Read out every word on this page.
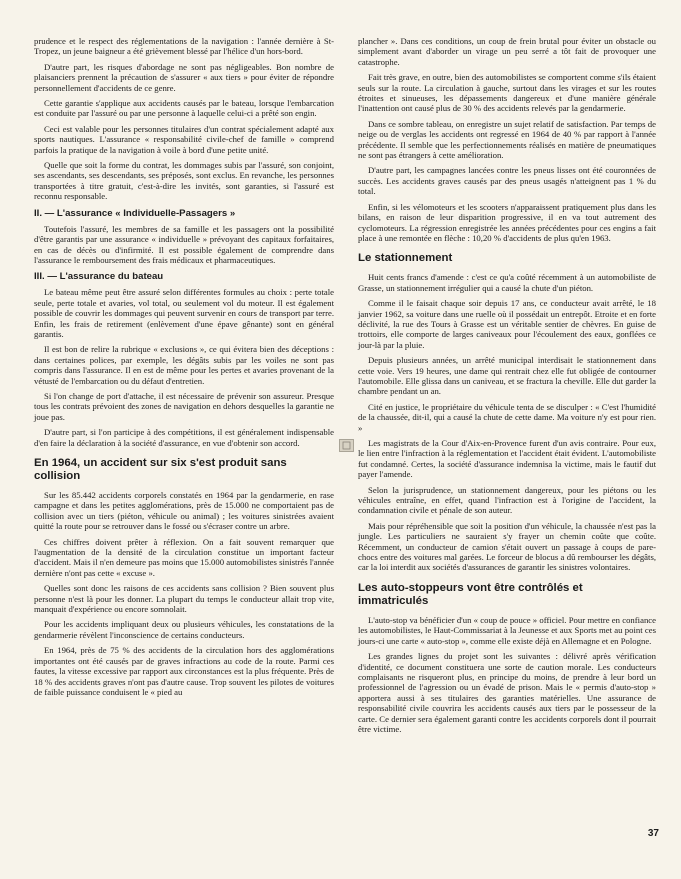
prudence et le respect des réglementations de la navigation : l'année dernière à St-Tropez, un jeune baigneur a été grièvement blessé par l'hélice d'un hors-bord.

D'autre part, les risques d'abordage ne sont pas négligeables. Bon nombre de plaisanciers prennent la précaution de s'assurer « aux tiers » pour éviter de répondre personnellement d'accidents de ce genre.

Cette garantie s'applique aux accidents causés par le bateau, lorsque l'embarcation est conduite par l'assuré ou par une personne à laquelle celui-ci a prêté son engin.

Ceci est valable pour les personnes titulaires d'un contrat spécialement adapté aux sports nautiques. L'assurance « responsabilité civile-chef de famille » comprend parfois la pratique de la navigation à voile à bord d'une petite unité.

Quelle que soit la forme du contrat, les dommages subis par l'assuré, son conjoint, ses ascendants, ses descendants, ses préposés, sont exclus. En revanche, les personnes transportées à titre gratuit, c'est-à-dire les invités, sont garanties, si l'assuré est reconnu responsable.

II. — L'assurance « Individuelle-Passagers »

Toutefois l'assuré, les membres de sa famille et les passagers ont la possibilité d'être garantis par une assurance « individuelle » prévoyant des capitaux forfaitaires, en cas de décès ou d'infirmité. Il est possible également de comprendre dans l'assurance le remboursement des frais médicaux et pharmaceutiques.

III. — L'assurance du bateau

Le bateau même peut être assuré selon différentes formules au choix : perte totale seule, perte totale et avaries, vol total, ou seulement vol du moteur. Il est également possible de couvrir les dommages qui peuvent survenir en cours de transport par terre. Enfin, les frais de retirement (enlèvement d'une épave gênante) sont en général garantis.

Il est bon de relire la rubrique « exclusions », ce qui évitera bien des déceptions : dans certaines polices, par exemple, les dégâts subis par les voiles ne sont pas compris dans l'assurance. Il en est de même pour les pertes et avaries provenant de la vétusté de l'embarcation ou du défaut d'entretien.

Si l'on change de port d'attache, il est nécessaire de prévenir son assureur. Presque tous les contrats prévoient des zones de navigation en dehors desquelles la garantie ne joue pas.

D'autre part, si l'on participe à des compétitions, il est généralement indispensable d'en faire la déclaration à la société d'assurance, en vue d'obtenir son accord.

En 1964, un accident sur six s'est produit sans collision

Sur les 85.442 accidents corporels constatés en 1964 par la gendarmerie, en rase campagne et dans les petites agglomérations, près de 15.000 ne comportaient pas de collision avec un tiers (piéton, véhicule ou animal) ; les voitures sinistrées avaient quitté la route pour se retrouver dans le fossé ou s'écraser contre un arbre.

Ces chiffres doivent prêter à réflexion. On a fait souvent remarquer que l'augmentation de la densité de la circulation constitue un important facteur d'accident. Mais il n'en demeure pas moins que 15.000 automobilistes sinistrés l'année dernière n'ont pas cette « excuse ».

Quelles sont donc les raisons de ces accidents sans collision ? Bien souvent plus personne n'est là pour les donner. La plupart du temps le conducteur allait trop vite, manquait d'expérience ou encore somnolait.

Pour les accidents impliquant deux ou plusieurs véhicules, les constatations de la gendarmerie révèlent l'inconscience de certains conducteurs.

En 1964, près de 75 % des accidents de la circulation hors des agglomérations importantes ont été causés par de graves infractions au code de la route. Parmi ces fautes, la vitesse excessive par rapport aux circonstances est la plus fréquente. Près de 18 % des accidents graves n'ont pas d'autre cause. Trop souvent les pilotes de voitures de faible puissance conduisent le « pied au

plancher ». Dans ces conditions, un coup de frein brutal pour éviter un obstacle ou simplement avant d'aborder un virage un peu serré a tôt fait de provoquer une catastrophe.

Fait très grave, en outre, bien des automobilistes se comportent comme s'ils étaient seuls sur la route. La circulation à gauche, surtout dans les virages et sur les routes étroites et sinueuses, les dépassements dangereux et d'une manière générale l'inattention ont causé plus de 30 % des accidents relevés par la gendarmerie.

Dans ce sombre tableau, on enregistre un sujet relatif de satisfaction. Par temps de neige ou de verglas les accidents ont regressé en 1964 de 40 % par rapport à l'année précédente. Il semble que les perfectionnements réalisés en matière de pneumatiques ne sont pas étrangers à cette amélioration.

D'autre part, les campagnes lancées contre les pneus lisses ont été couronnées de succès. Les accidents graves causés par des pneus usagés n'atteignent pas 1 % du total.

Enfin, si les vélomoteurs et les scooters n'apparaissent pratiquement plus dans les bilans, en raison de leur disparition progressive, il en va tout autrement des cyclomoteurs. La régression enregistrée les années précédentes pour ces engins a fait place à une remontée en flèche : 10,20 % d'accidents de plus qu'en 1963.

Le stationnement

Huit cents francs d'amende : c'est ce qu'a coûté récemment à un automobiliste de Grasse, un stationnement irrégulier qui a causé la chute d'un piéton.

Comme il le faisait chaque soir depuis 17 ans, ce conducteur avait arrêté, le 18 janvier 1962, sa voiture dans une ruelle où il possédait un entrepôt. Etroite et en forte déclivité, la rue des Tours à Grasse est un véritable sentier de chèvres. En guise de trottoirs, elle comporte de larges caniveaux pour l'écoulement des eaux, gonflées ce jour-là par la pluie.

Depuis plusieurs années, un arrêté municipal interdisait le stationnement dans cette voie. Vers 19 heures, une dame qui rentrait chez elle fut obligée de contourner l'automobile. Elle glissa dans un caniveau, et se fractura la cheville. Elle dut garder la chambre pendant un an.

Cité en justice, le propriétaire du véhicule tenta de se disculper : « C'est l'humidité de la chaussée, dit-il, qui a causé la chute de cette dame. Ma voiture n'y est pour rien. »

Les magistrats de la Cour d'Aix-en-Provence furent d'un avis contraire. Pour eux, le lien entre l'infraction à la réglementation et l'accident était évident. L'automobiliste fut condamné. Certes, la société d'assurance indemnisa la victime, mais le fautif dut payer l'amende.

Selon la jurisprudence, un stationnement dangereux, pour les piétons ou les véhicules entraîne, en effet, quand l'infraction est à l'origine de l'accident, la condamnation civile et pénale de son auteur.

Mais pour répréhensible que soit la position d'un véhicule, la chaussée n'est pas la jungle. Les particuliers ne sauraient s'y frayer un chemin coûte que coûte. Récemment, un conducteur de camion s'était ouvert un passage à coups de pare-chocs entre des voitures mal garées. Le forceur de blocus a dû rembourser les dégâts, car la loi interdit aux sociétés d'assurances de garantir les sinistres volontaires.

Les auto-stoppeurs vont être contrôlés et immatriculés

L'auto-stop va bénéficier d'un « coup de pouce » officiel. Pour mettre en confiance les automobilistes, le Haut-Commissariat à la Jeunesse et aux Sports met au point ces jours-ci une carte « auto-stop », comme elle existe déjà en Allemagne et en Pologne.

Les grandes lignes du projet sont les suivantes : délivré après vérification d'identité, ce document constituera une sorte de caution morale. Les conducteurs complaisants ne risqueront plus, en principe du moins, de prendre à leur bord un professionnel de l'agression ou un évadé de prison. Mais le « permis d'auto-stop » apportera aussi à ses titulaires des garanties matérielles. Une assurance de responsabilité civile couvrira les accidents causés aux tiers par le possesseur de la carte. Ce dernier sera également garanti contre les accidents corporels dont il pourrait être victime.

37
